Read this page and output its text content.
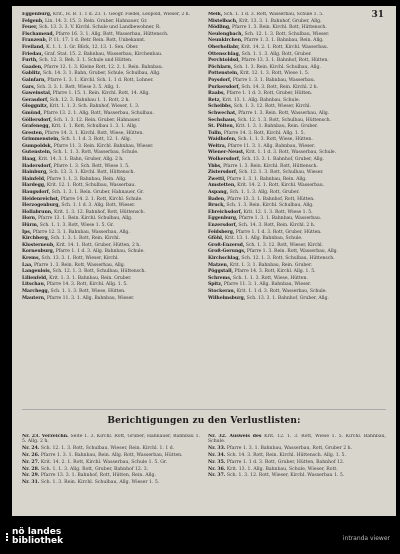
31
Eggenburg, Krit., H. B. 1. 1 d. 23. 1. Geogr. Fiedel, Leopold, Wieser, 2 h.
Felgenb, Lin. 14. 3. 15. 3. Rein. Gruber, Hahnauer, Gr.
Feuer, Sch. 13. 3. 3. V. Kirchl. Schule und Landbewohner, R.
Fischamend, Pfarre 16. 3. 1. Allg. Rott, Wasserbau, Hüttensch.
Franzenb, P. 11. 17. 1 d. Betr. Rein. Rott, Unbekannt.
Freiland, K. 1. 1. 1. Gr. Blick, 12. 13. 1. Sen. Ober.
Friedau, Graf. Stat. 15. 2. Bahnbau, Wasserbau, Kirchenbau.
Furth, Sch. 12. 3. Beh. 3. 1. Schule und Hütten.
Gaaden, Pfarre 12. 1. 3. Kleine Rott, 12. 2. 1. Rein. Bahnbau.
Gablitz, Sch. 14. 3. 1. Bahn, Gruber, Schule, Schulbau, Allg.
Gainfarn, Pfarre 1. 3. 1. Kirchl. Sch. 1. 1 d. Rott, Lohner.
Gars, Sch. 3. 3. 1. Rott, Wiese 3. 5. Allg. 1.
Gaweinstal, Pfarre 1. 15. 1. Rein. Kirchl. Rott, 14. Allg.
Gerasdorf, Sch. 12. 3. Bahnbau 1. 1. Rott, 2 h.
Gloggnitz, Krit. 1. 1. 3. Sch. Bahnhof, Wieser, 1. 3.
Gmünd, Pfarre 13. 2. 1. Allg. Rott, Wasserbau, Schulbau.
Göllersdorf, Sch. 1. 3. 12. Rein. Gruber, Hahnauer.
Grafenegg, Krit. 1. 1. Rott, Schulbau 1. 3. 1. Allg.
Gresten, Pfarre 14. 3. 1. Kirchl. Rott, Wiese, Hütten.
Grimmenstein, Sch. 1. 1 d. 3. Rott, 12. 1. Allg.
Gumpoldsk, Pfarre 11. 3. Rein. Kirchl. Bahnbau, Wieser.
Gutenstein, Sch. 1. 1. 3. Rott, Wasserbau, Schule.
Haag, Krit. 14. 3. 1. Bahn, Gruber, Allg. 2 h.
Hadersdorf, Pfarre 1. 3. Sch. Rott, Wiese 1. 5.
Hainburg, Sch. 13. 3. 1. Kirchl. Rott, Hüttensch.
Hainfeld, Pfarre 1. 1. 3. Bahnbau, Rein. Allg.
Hardegg, Krit. 12. 1. Rott, Schulbau, Wasserbau.
Haugsdorf, Sch. 1. 3. 1. Rein. Gruber, Hahnauer, Gr.
Heidenreichst, Pfarre 14. 2. 1. Rott, Kirchl. Schule.
Herzogenburg, Sch. 1. 1 d. 3. Allg. Rott, Wieser.
Hollabrunn, Krit. 1. 3. 12. Bahnhof, Rott, Hüttensch.
Horn, Pfarre 13. 1. Rein. Kirchl. Schulbau, Allg.
Hürm, Sch. 1. 1. 3. Rott, Wiese 1. 5. Gr.
Ips, Pfarre 12. 3. 1. Bahnbau, Wasserbau, Allg.
Kirchberg, Sch. 1. 3. 1. Rott, Rein. Kirchl.
Klosterneub, Krit. 14. 1. Rott, Gruber, Hütten, 2 h.
Korneuburg, Pfarre 1. 1 d. 3. Allg. Bahnbau, Schule.
Krems, Sch. 13. 3. 1. Rott, Wieser, Kirchl.
Laa, Pfarre 1. 3. Rein. Rott, Wasserbau, Allg.
Langenlois, Sch. 12. 1. 3. Rott, Schulbau, Hüttensch.
Lilienfeld, Krit. 1. 3. 1. Bahnbau, Rein. Gruber.
Litschau, Pfarre 14. 3. Rott, Kirchl. Allg. 1. 5.
Marchegg, Sch. 1. 1. 3. Rott, Wiese, Hütten.
Mautern, Pfarre 11. 3. 1. Allg. Bahnbau, Wieser.
Melk, Sch. 1. 1 d. 3. Rott, Wasserbau, Schule 1. 5.
Mistelbach, Krit. 13. 3. 1. Bahnhof, Gruber, Allg.
Mödling, Pfarre 1. 3. Rein. Kirchl. Rott, Hüttensch.
Neulengbach, Sch. 12. 1. 3. Rott, Schulbau, Wieser.
Neunkirchen, Pfarre 1. 3. 1. Bahnbau, Rein. Allg.
Oberhollabr, Krit. 14. 2. 1. Rott, Kirchl. Wasserbau.
Ottenschlag, Sch. 1. 1. 3. Allg. Rott, Gruber.
Perchtoldsd, Pfarre 13. 3. 1. Bahnhof, Rott, Hütten.
Pöchlarn, Sch. 1. 3. Rein. Kirchl. Schulbau, Allg.
Pottenstein, Krit. 12. 1. 3. Rott, Wiese 1. 5.
Poysdorf, Pfarre 1. 3. 1. Bahnbau, Wasserbau.
Purkersdorf, Sch. 14. 3. Rott, Rein. Kirchl. 2 h.
Raabs, Pfarre 1. 1 d. 3. Rott, Gruber, Hütten.
Retz, Krit. 13. 1. Allg. Bahnbau, Schule.
Scheibbs, Sch. 1. 3. 12. Rott, Wieser, Kirchl.
Schwechat, Pfarre 1. 3. Rein. Rott, Wasserbau, Allg.
Sechshaus, Sch. 12. 1. 3. Rott, Schulbau, Hüttensch.
St. Pölten, Krit. 1. 3. 1. Bahnbau, Rein. Gruber.
Tulln, Pfarre 14. 3. Rott, Kirchl. Allg. 1. 5.
Waidhofen, Sch. 1. 1. 3. Rott, Wiese, Hütten.
Weitra, Pfarre 11. 3. 1. Allg. Bahnbau, Wieser.
Wiener-Neust, Krit. 1. 1 d. 3. Rott, Wasserbau, Schule.
Wolkersdorf, Sch. 13. 3. 1. Bahnhof, Gruber, Allg.
Ybbs, Pfarre 1. 3. Rein. Kirchl. Rott, Hüttensch.
Zistersdorf, Sch. 12. 1. 3. Rott, Schulbau, Wieser.
Zwettl, Pfarre 1. 3. 1. Bahnbau, Rein. Allg.
Amstetten, Krit. 14. 2. 1. Rott, Kirchl. Wasserbau.
Aspang, Sch. 1. 1. 3. Allg. Rott, Gruber.
Baden, Pfarre 13. 3. 1. Bahnhof, Rott, Hütten.
Bruck, Sch. 1. 3. Rein. Kirchl. Schulbau, Allg.
Ebreichsdorf, Krit. 12. 1. 3. Rott, Wiese 1. 5.
Eggenburg, Pfarre 1. 3. 1. Bahnbau, Wasserbau.
Enzersdorf, Sch. 14. 3. Rott, Rein. Kirchl. 2 h.
Feldsberg, Pfarre 1. 1 d. 3. Rott, Gruber, Hütten.
Gföhl, Krit. 13. 1. Allg. Bahnbau, Schule.
Groß-Enzersd, Sch. 1. 3. 12. Rott, Wieser, Kirchl.
Groß-Gerungs, Pfarre 1. 3. Rein. Rott, Wasserbau, Allg.
Kirchschlag, Sch. 12. 1. 3. Rott, Schulbau, Hüttensch.
Matzen, Krit. 1. 3. 1. Bahnbau, Rein. Gruber.
Pöggstall, Pfarre 14. 3. Rott, Kirchl. Allg. 1. 5.
Schrems, Sch. 1. 1. 3. Rott, Wiese, Hütten.
Spitz, Pfarre 11. 3. 1. Allg. Bahnbau, Wieser.
Stockerau, Krit. 1. 1 d. 3. Rott, Wasserbau, Schule.
Wilhelmsburg, Sch. 13. 3. 1. Bahnhof, Gruber, Allg.
Berichtigungen zu den Verlustlisten:
Nr. 23. Verzeichn. Seite 1. 3. Kirchl. Rott, Gruber, Hahnauer, Bahnbau 1. 5. Allg. 2 h.
Nr. 24. Sch. 12. 1. 3. Rott, Schulbau, Wieser, Rein. Kirchl. 1. 1 d.
Nr. 26. Pfarre 1. 3. 1. Bahnbau, Rein. Allg. Rott, Wasserbau, Hütten.
Nr. 27. Krit. 14. 2. 1. Rott, Kirchl. Wasserbau, Schule 1. 5. Gr.
Nr. 28. Sch. 1. 1. 3. Allg. Rott, Gruber, Bahnhof 12. 3.
Nr. 29. Pfarre 13. 3. 1. Bahnhof, Rott, Hütten, Rein. Allg.
Nr. 31. Sch. 1. 3. Rein. Kirchl. Schulbau, Allg. Wieser 1. 5.
Nr. 32. Ausweis des Krit. 12. 1. 3. Rott, Wiese 1. 5. Kirchl. Bahnbau, Schule.
Nr. 33. Pfarre 1. 3. 1. Bahnbau, Wasserbau, Rott, Gruber 2 h.
Nr. 34. Sch. 14. 3. Rott, Rein. Kirchl. Hüttensch. Allg. 1. 5.
Nr. 35. Pfarre 1. 1 d. 3. Rott, Gruber, Hütten, Bahnhof 12.
Nr. 36. Krit. 13. 1. Allg. Bahnbau, Schule, Wieser, Rott.
Nr. 37. Sch. 1. 3. 12. Rott, Wieser, Kirchl. Wasserbau 1. 5.
nö landes
bibliothek	intranda viewer
